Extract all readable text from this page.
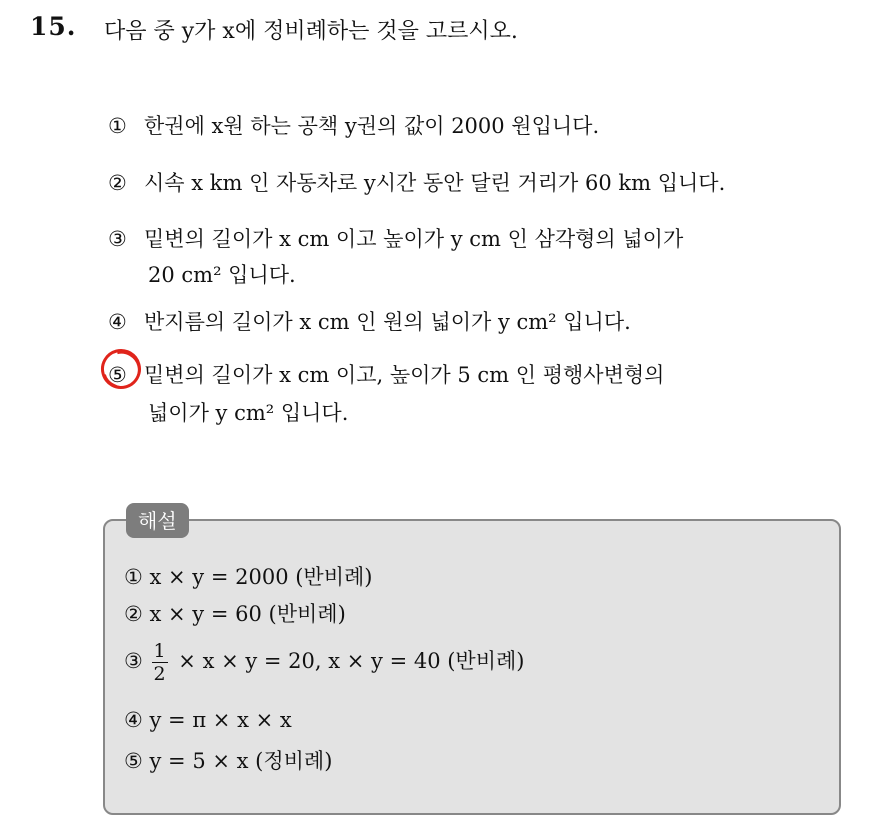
15. 다음 중 y가 x에 정비례하는 것을 고르시오.
① 한권에 x원 하는 공책 y권의 값이 2000 원입니다.
② 시속 x km 인 자동차로 y시간 동안 달린 거리가 60 km 입니다.
③ 밑변의 길이가 x cm 이고 높이가 y cm 인 삼각형의 넓이가
20 cm² 입니다.
④ 반지름의 길이가 x cm 인 원의 넓이가 y cm² 입니다.
⑤ 밑변의 길이가 x cm 이고, 높이가 5 cm 인 평행사변형의
넓이가 y cm² 입니다.
해설
① x × y = 2000 (반비례)
② x × y = 60 (반비례)
③ $\frac{1}{2} \times x \times y = 20$, x × y = 40 (반비례)
④ y = π × x × x
⑤ y = 5 × x (정비례)
